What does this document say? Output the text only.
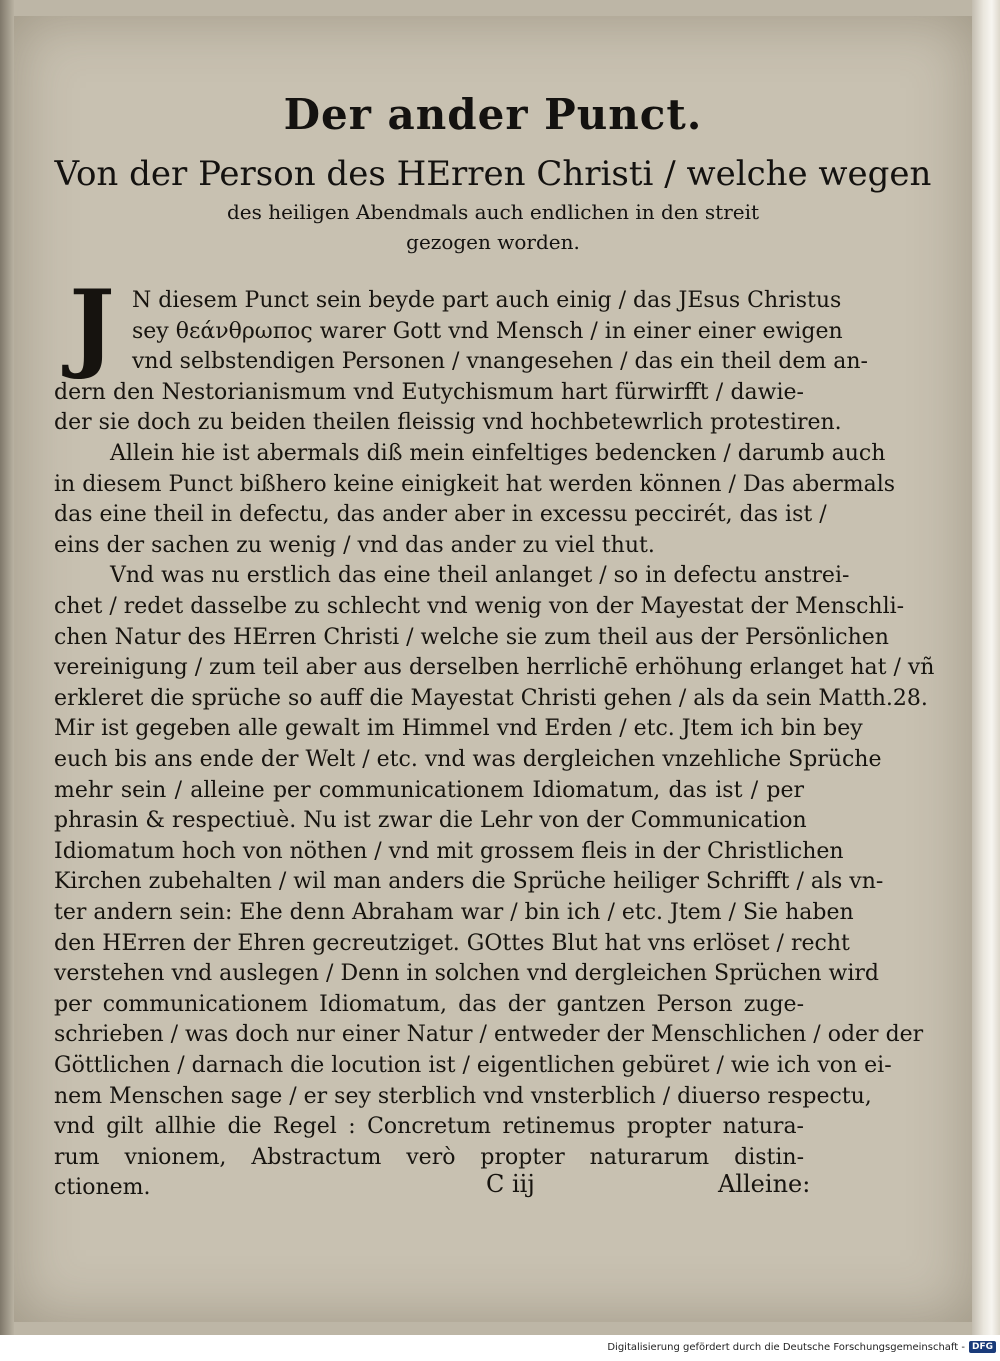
Der ander Punct.
Von der Person des HErren Christi / welche wegen
des heiligen Abendmals auch endlichen in den streit
gezogen worden.
J N diesem Punct sein beyde part auch einig / das JEsus Christus
sey θεάνθρωπος warer Gott vnd Mensch / in einer einer ewigen
vnd selbstendigen Personen / vnangesehen / das ein theil dem an-
dern den Nestorianismum vnd Eutychismum hart fürwirfft / dawie-
der sie doch zu beiden theilen fleissig vnd hochbetewrlich protestiren.
Allein hie ist abermals diß mein einfeltiges bedencken / darumb auch
in diesem Punct bißhero keine einigkeit hat werden können / Das abermals
das eine theil in defectu, das ander aber in excessu peccirét, das ist /
eins der sachen zu wenig / vnd das ander zu viel thut.
Vnd was nu erstlich das eine theil anlanget / so in defectu anstrei-
chet / redet dasselbe zu schlecht vnd wenig von der Mayestat der Menschli-
chen Natur des HErren Christi / welche sie zum theil aus der Persönlichen
vereinigung / zum teil aber aus derselben herrlichē erhöhung erlanget hat / vñ
erkleret die sprüche so auff die Mayestat Christi gehen / als da sein Matth.28.
Mir ist gegeben alle gewalt im Himmel vnd Erden / etc. Jtem ich bin bey
euch bis ans ende der Welt / etc. vnd was dergleichen vnzehliche Sprüche
mehr sein / alleine per communicationem Idiomatum, das ist / per
phrasin & respectiuè. Nu ist zwar die Lehr von der Communication
Idiomatum hoch von nöthen / vnd mit grossem fleis in der Christlichen
Kirchen zubehalten / wil man anders die Sprüche heiliger Schrifft / als vn-
ter andern sein: Ehe denn Abraham war / bin ich / etc. Jtem / Sie haben
den HErren der Ehren gecreutziget. GOttes Blut hat vns erlöset / recht
verstehen vnd auslegen / Denn in solchen vnd dergleichen Sprüchen wird
per communicationem Idiomatum, das der gantzen Person zuge-
schrieben / was doch nur einer Natur / entweder der Menschlichen / oder der
Göttlichen / darnach die locution ist / eigentlichen gebüret / wie ich von ei-
nem Menschen sage / er sey sterblich vnd vnsterblich / diuerso respectu,
vnd gilt allhie die Regel : Concretum retinemus propter natura-
rum vnionem, Abstractum verò propter naturarum distin-
ctionem.	C iij	Alleine:
Digitalisierung gefördert durch die Deutsche Forschungsgemeinschaft - DFG
